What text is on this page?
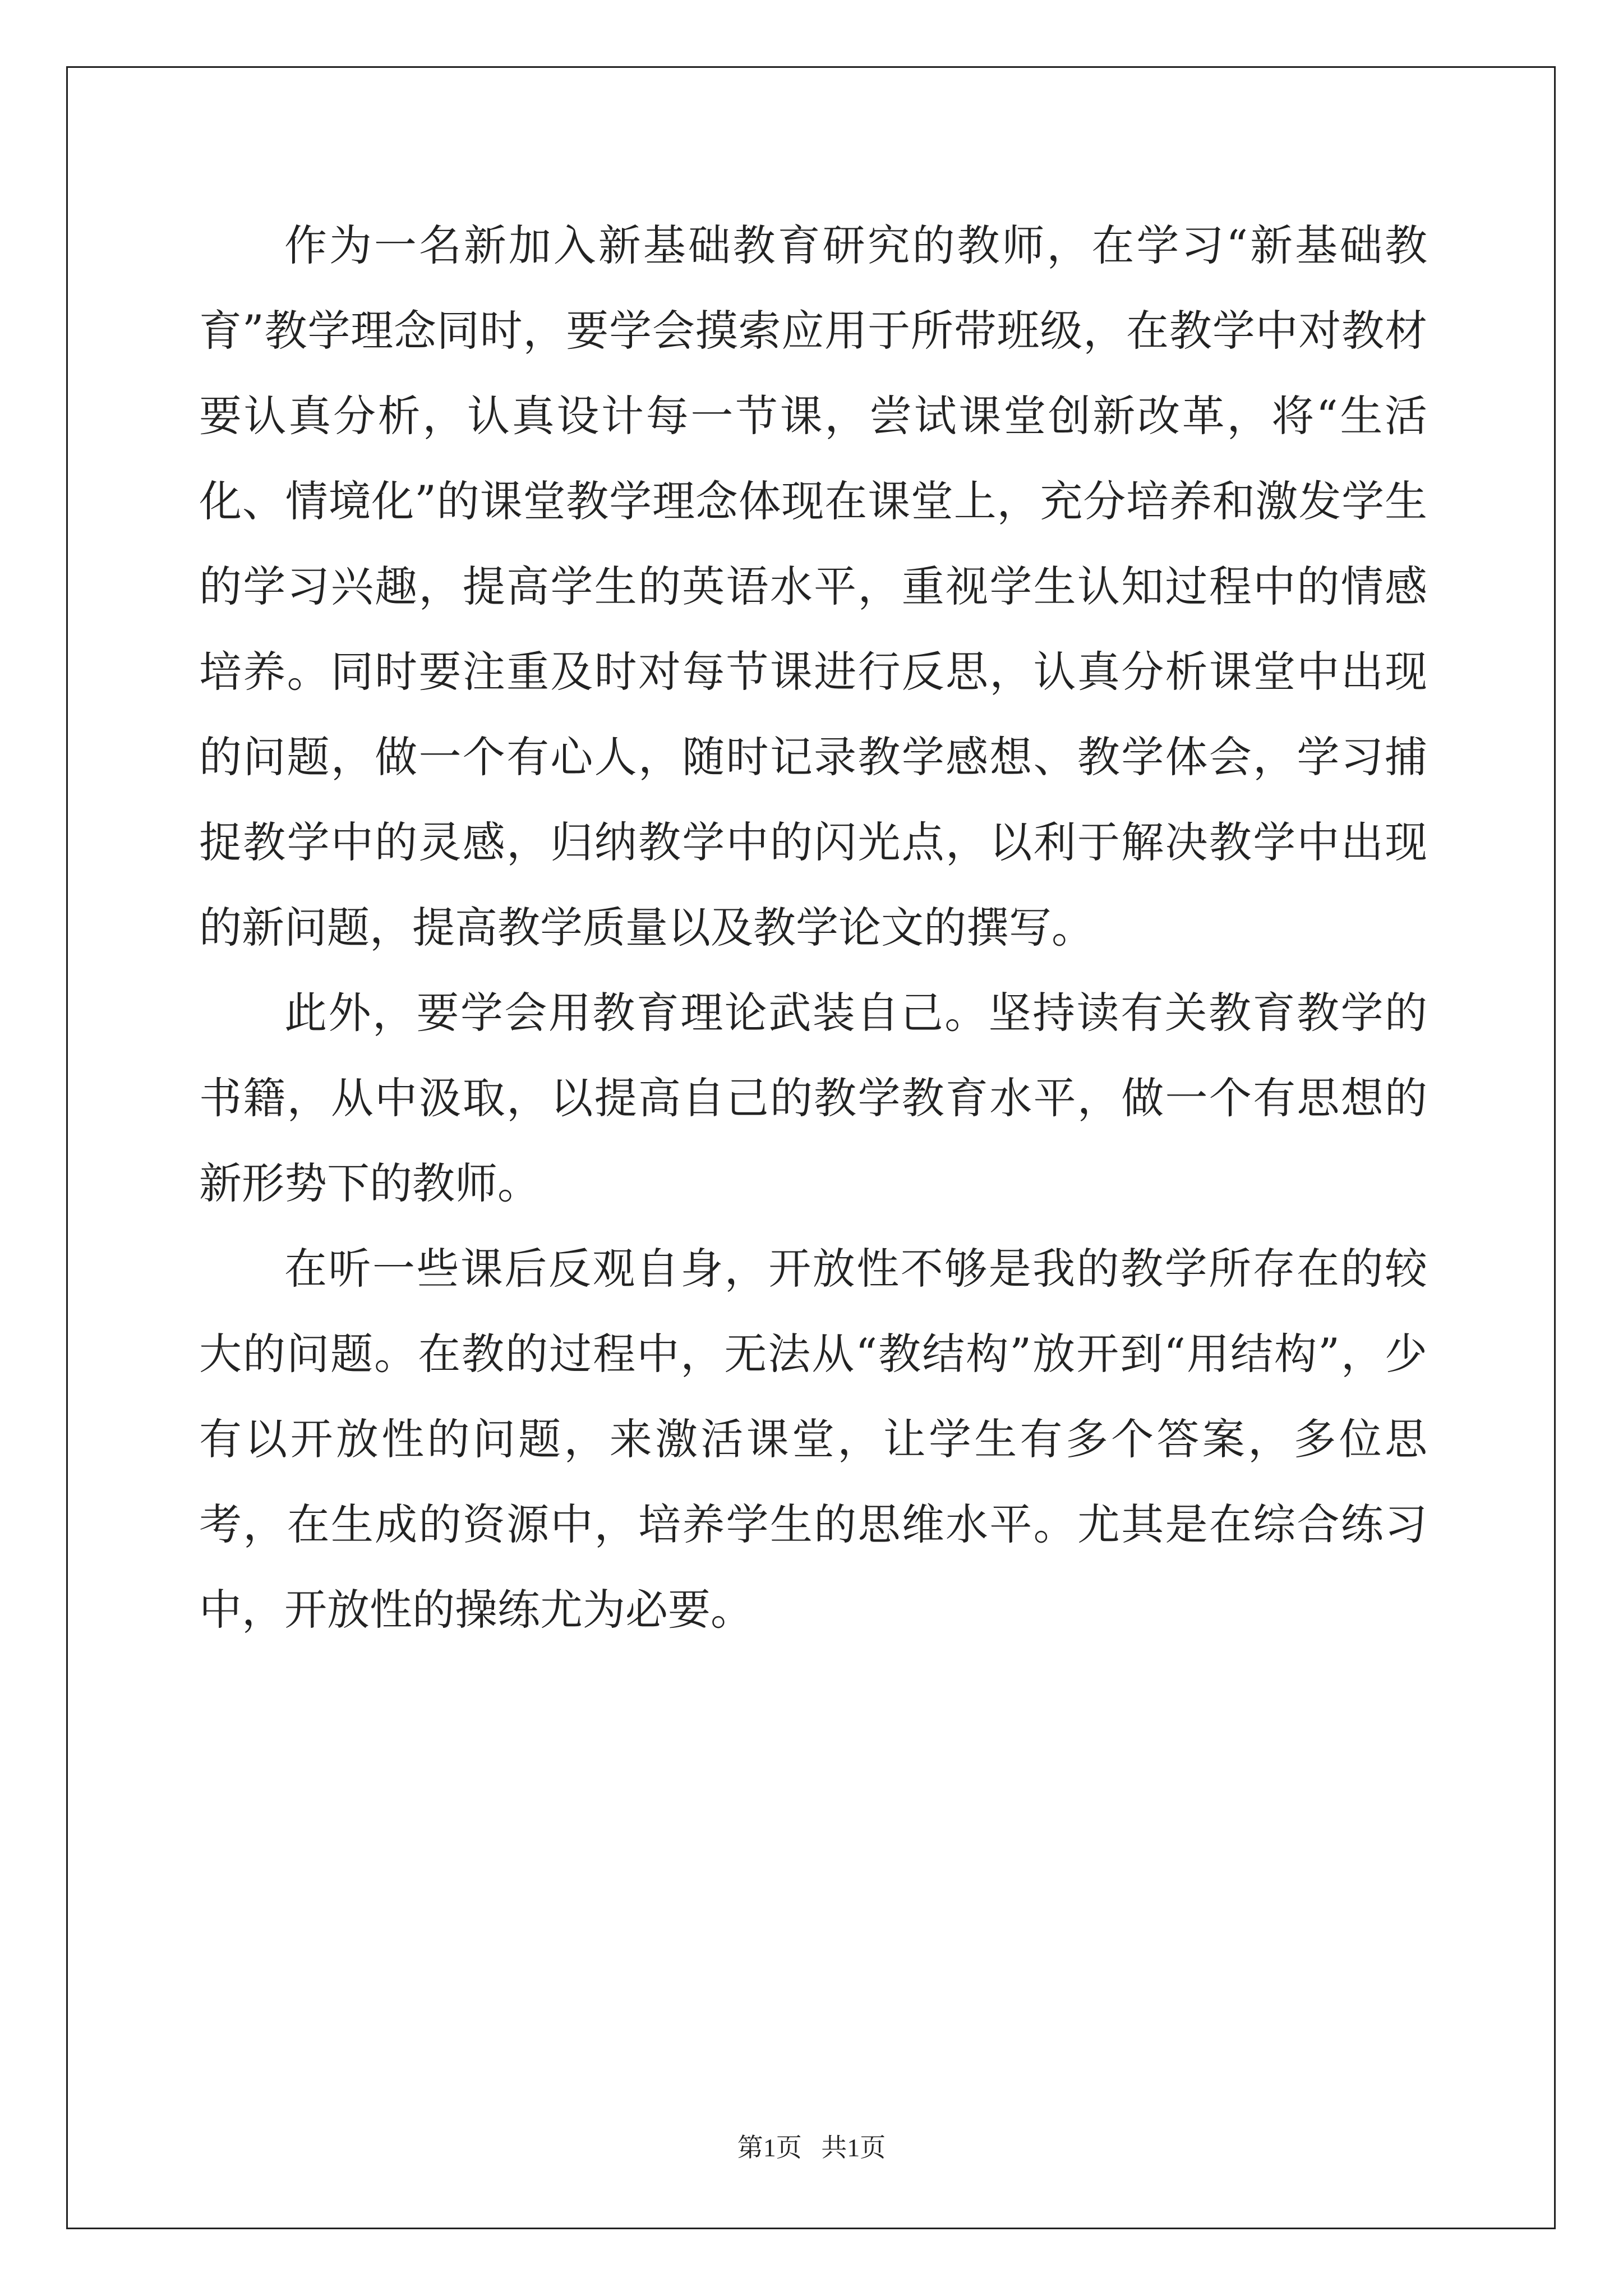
作为一名新加入新基础教育研究的教师，在学习“新基础教育”教学理念同时，要学会摸索应用于所带班级，在教学中对教材要认真分析，认真设计每一节课，尝试课堂创新改革，将“生活化、情境化”的课堂教学理念体现在课堂上，充分培养和激发学生的学习兴趣，提高学生的英语水平，重视学生认知过程中的情感培养。同时要注重及时对每节课进行反思，认真分析课堂中出现的问题，做一个有心人，随时记录教学感想、教学体会，学习捕捉教学中的灵感，归纳教学中的闪光点，以利于解决教学中出现的新问题，提高教学质量以及教学论文的撰写。

此外，要学会用教育理论武装自己。坚持读有关教育教学的书籍，从中汲取，以提高自己的教学教育水平，做一个有思想的新形势下的教师。

在听一些课后反观自身，开放性不够是我的教学所存在的较大的问题。在教的过程中，无法从“教结构”放开到“用结构”，少有以开放性的问题，来激活课堂，让学生有多个答案，多位思考，在生成的资源中，培养学生的思维水平。尤其是在综合练习中，开放性的操练尤为必要。

第1页   共1页
